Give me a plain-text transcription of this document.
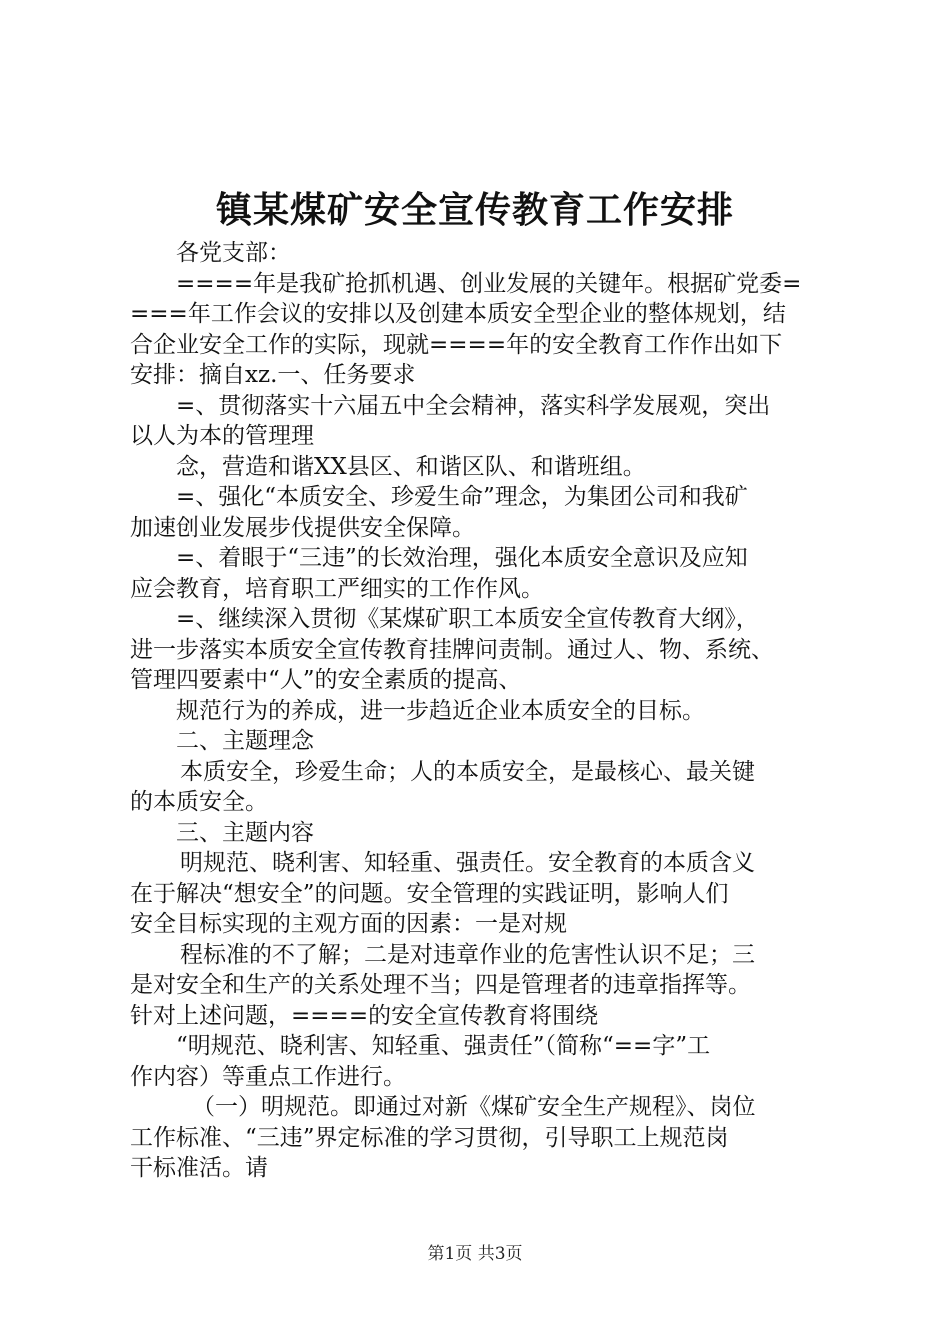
镇某煤矿安全宣传教育工作安排
各党支部：
====年是我矿抢抓机遇、创业发展的关键年。根据矿党委=
===年工作会议的安排以及创建本质安全型企业的整体规划，结
合企业安全工作的实际，现就====年的安全教育工作作出如下
安排：摘自xz.一、任务要求
=、贯彻落实十六届五中全会精神，落实科学发展观，突出
以人为本的管理理
念，营造和谐XX县区、和谐区队、和谐班组。
=、强化“本质安全、珍爱生命”理念，为集团公司和我矿
加速创业发展步伐提供安全保障。
=、着眼于“三违”的长效治理，强化本质安全意识及应知
应会教育，培育职工严细实的工作作风。
=、继续深入贯彻《某煤矿职工本质安全宣传教育大纲》，
进一步落实本质安全宣传教育挂牌问责制。通过人、物、系统、
管理四要素中“人”的安全素质的提高、
规范行为的养成，进一步趋近企业本质安全的目标。
二、主题理念
本质安全，珍爱生命；人的本质安全，是最核心、最关键
的本质安全。
三、主题内容
明规范、晓利害、知轻重、强责任。安全教育的本质含义
在于解决“想安全”的问题。安全管理的实践证明，影响人们
安全目标实现的主观方面的因素：一是对规
程标准的不了解；二是对违章作业的危害性认识不足；三
是对安全和生产的关系处理不当；四是管理者的违章指挥等。
针对上述问题，====的安全宣传教育将围绕
“明规范、晓利害、知轻重、强责任”（简称“==字”工
作内容）等重点工作进行。
（一）明规范。即通过对新《煤矿安全生产规程》、岗位
工作标准、“三违”界定标准的学习贯彻，引导职工上规范岗
干标准活。请
第1页 共3页
